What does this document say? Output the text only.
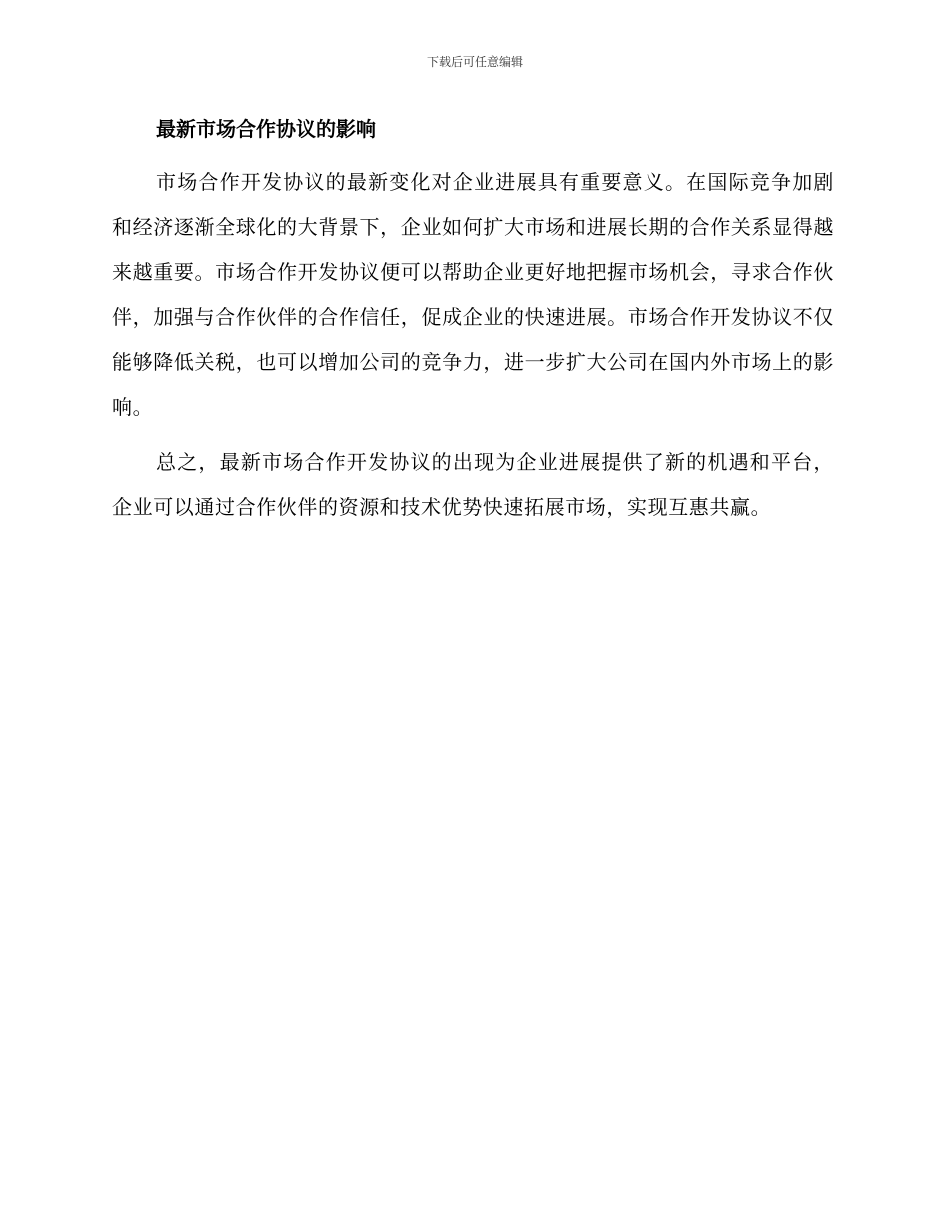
下载后可任意编辑
最新市场合作协议的影响

市场合作开发协议的最新变化对企业进展具有重要意义。在国际竞争加剧和经济逐渐全球化的大背景下，企业如何扩大市场和进展长期的合作关系显得越来越重要。市场合作开发协议便可以帮助企业更好地把握市场机会，寻求合作伙伴，加强与合作伙伴的合作信任，促成企业的快速进展。市场合作开发协议不仅能够降低关税，也可以增加公司的竞争力，进一步扩大公司在国内外市场上的影响。

总之，最新市场合作开发协议的出现为企业进展提供了新的机遇和平台，企业可以通过合作伙伴的资源和技术优势快速拓展市场，实现互惠共赢。
